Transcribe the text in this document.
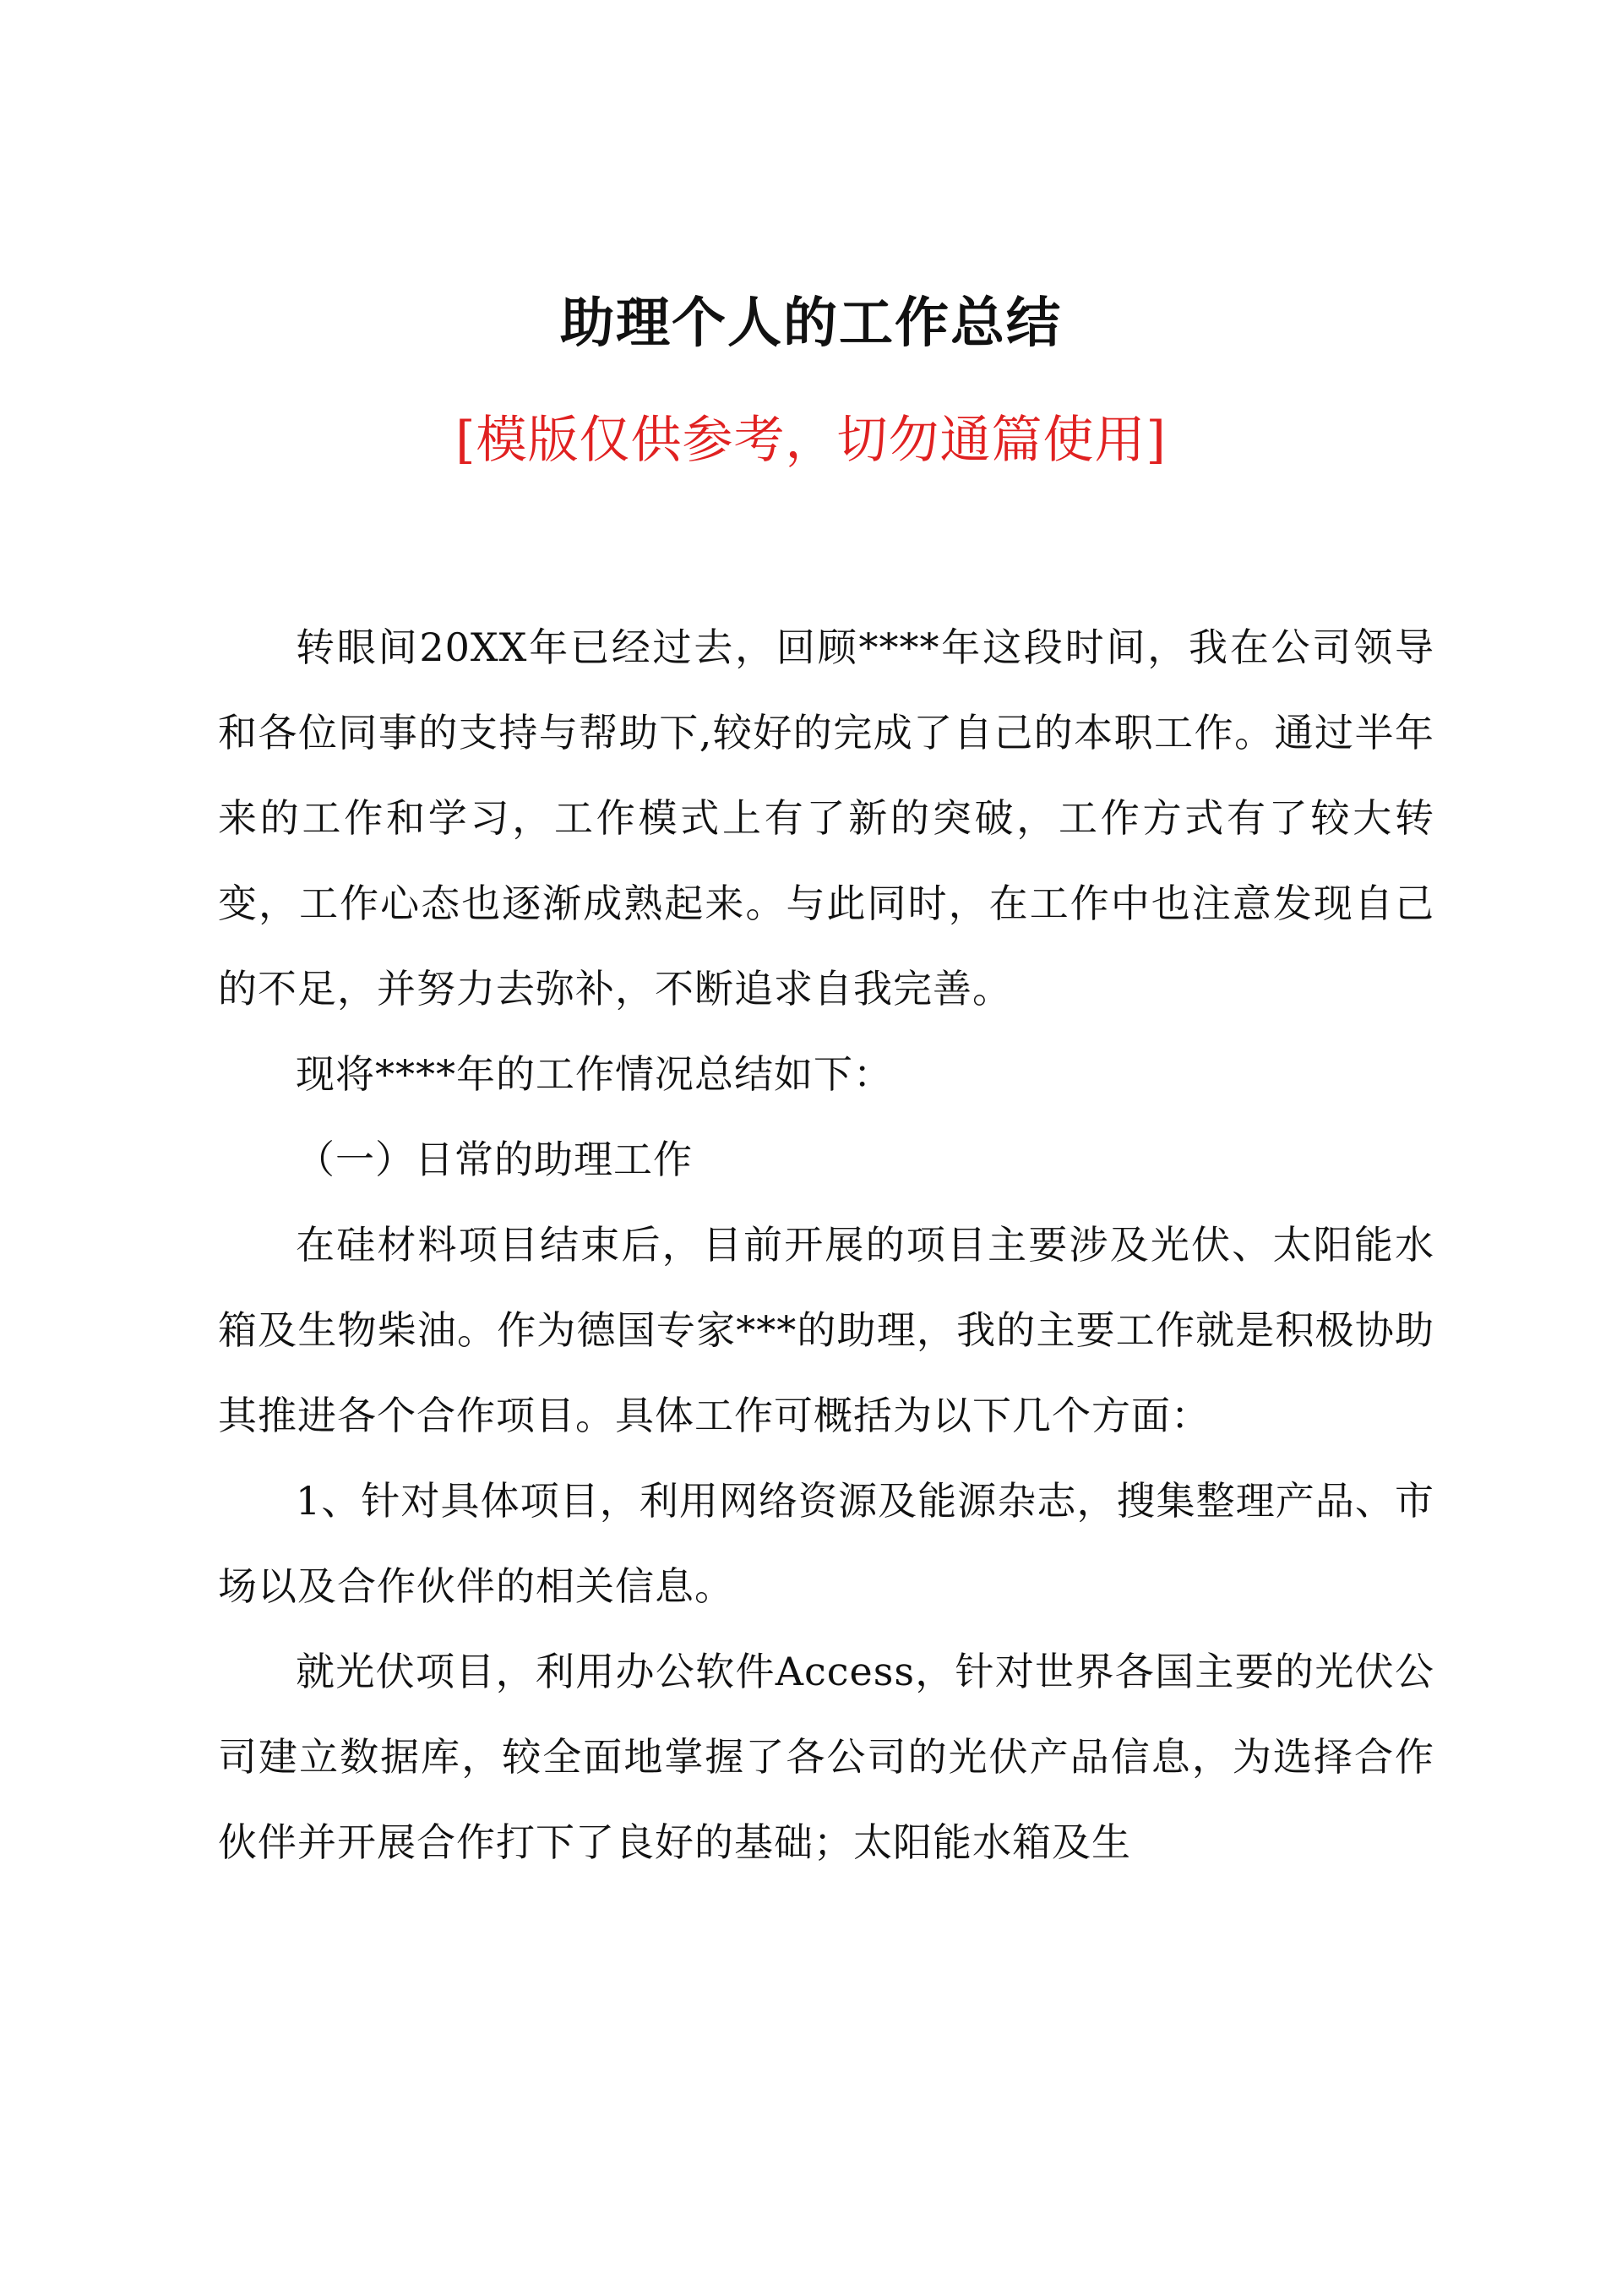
助理个人的工作总结
[模版仅供参考，切勿通篇使用]

转眼间20XX年已经过去，回顾****年这段时间，我在公司领导和各位同事的支持与帮助下,较好的完成了自己的本职工作。通过半年来的工作和学习，工作模式上有了新的突破，工作方式有了较大转变，工作心态也逐渐成熟起来。与此同时，在工作中也注意发现自己的不足，并努力去弥补，不断追求自我完善。

现将****年的工作情况总结如下：

（一）日常的助理工作

在硅材料项目结束后，目前开展的项目主要涉及光伏、太阳能水箱及生物柴油。作为德国专家***的助理，我的主要工作就是积极协助其推进各个合作项目。具体工作可概括为以下几个方面：

1、针对具体项目，利用网络资源及能源杂志，搜集整理产品、市场以及合作伙伴的相关信息。

就光伏项目，利用办公软件Access，针对世界各国主要的光伏公司建立数据库，较全面地掌握了各公司的光伏产品信息，为选择合作伙伴并开展合作打下了良好的基础；太阳能水箱及生
